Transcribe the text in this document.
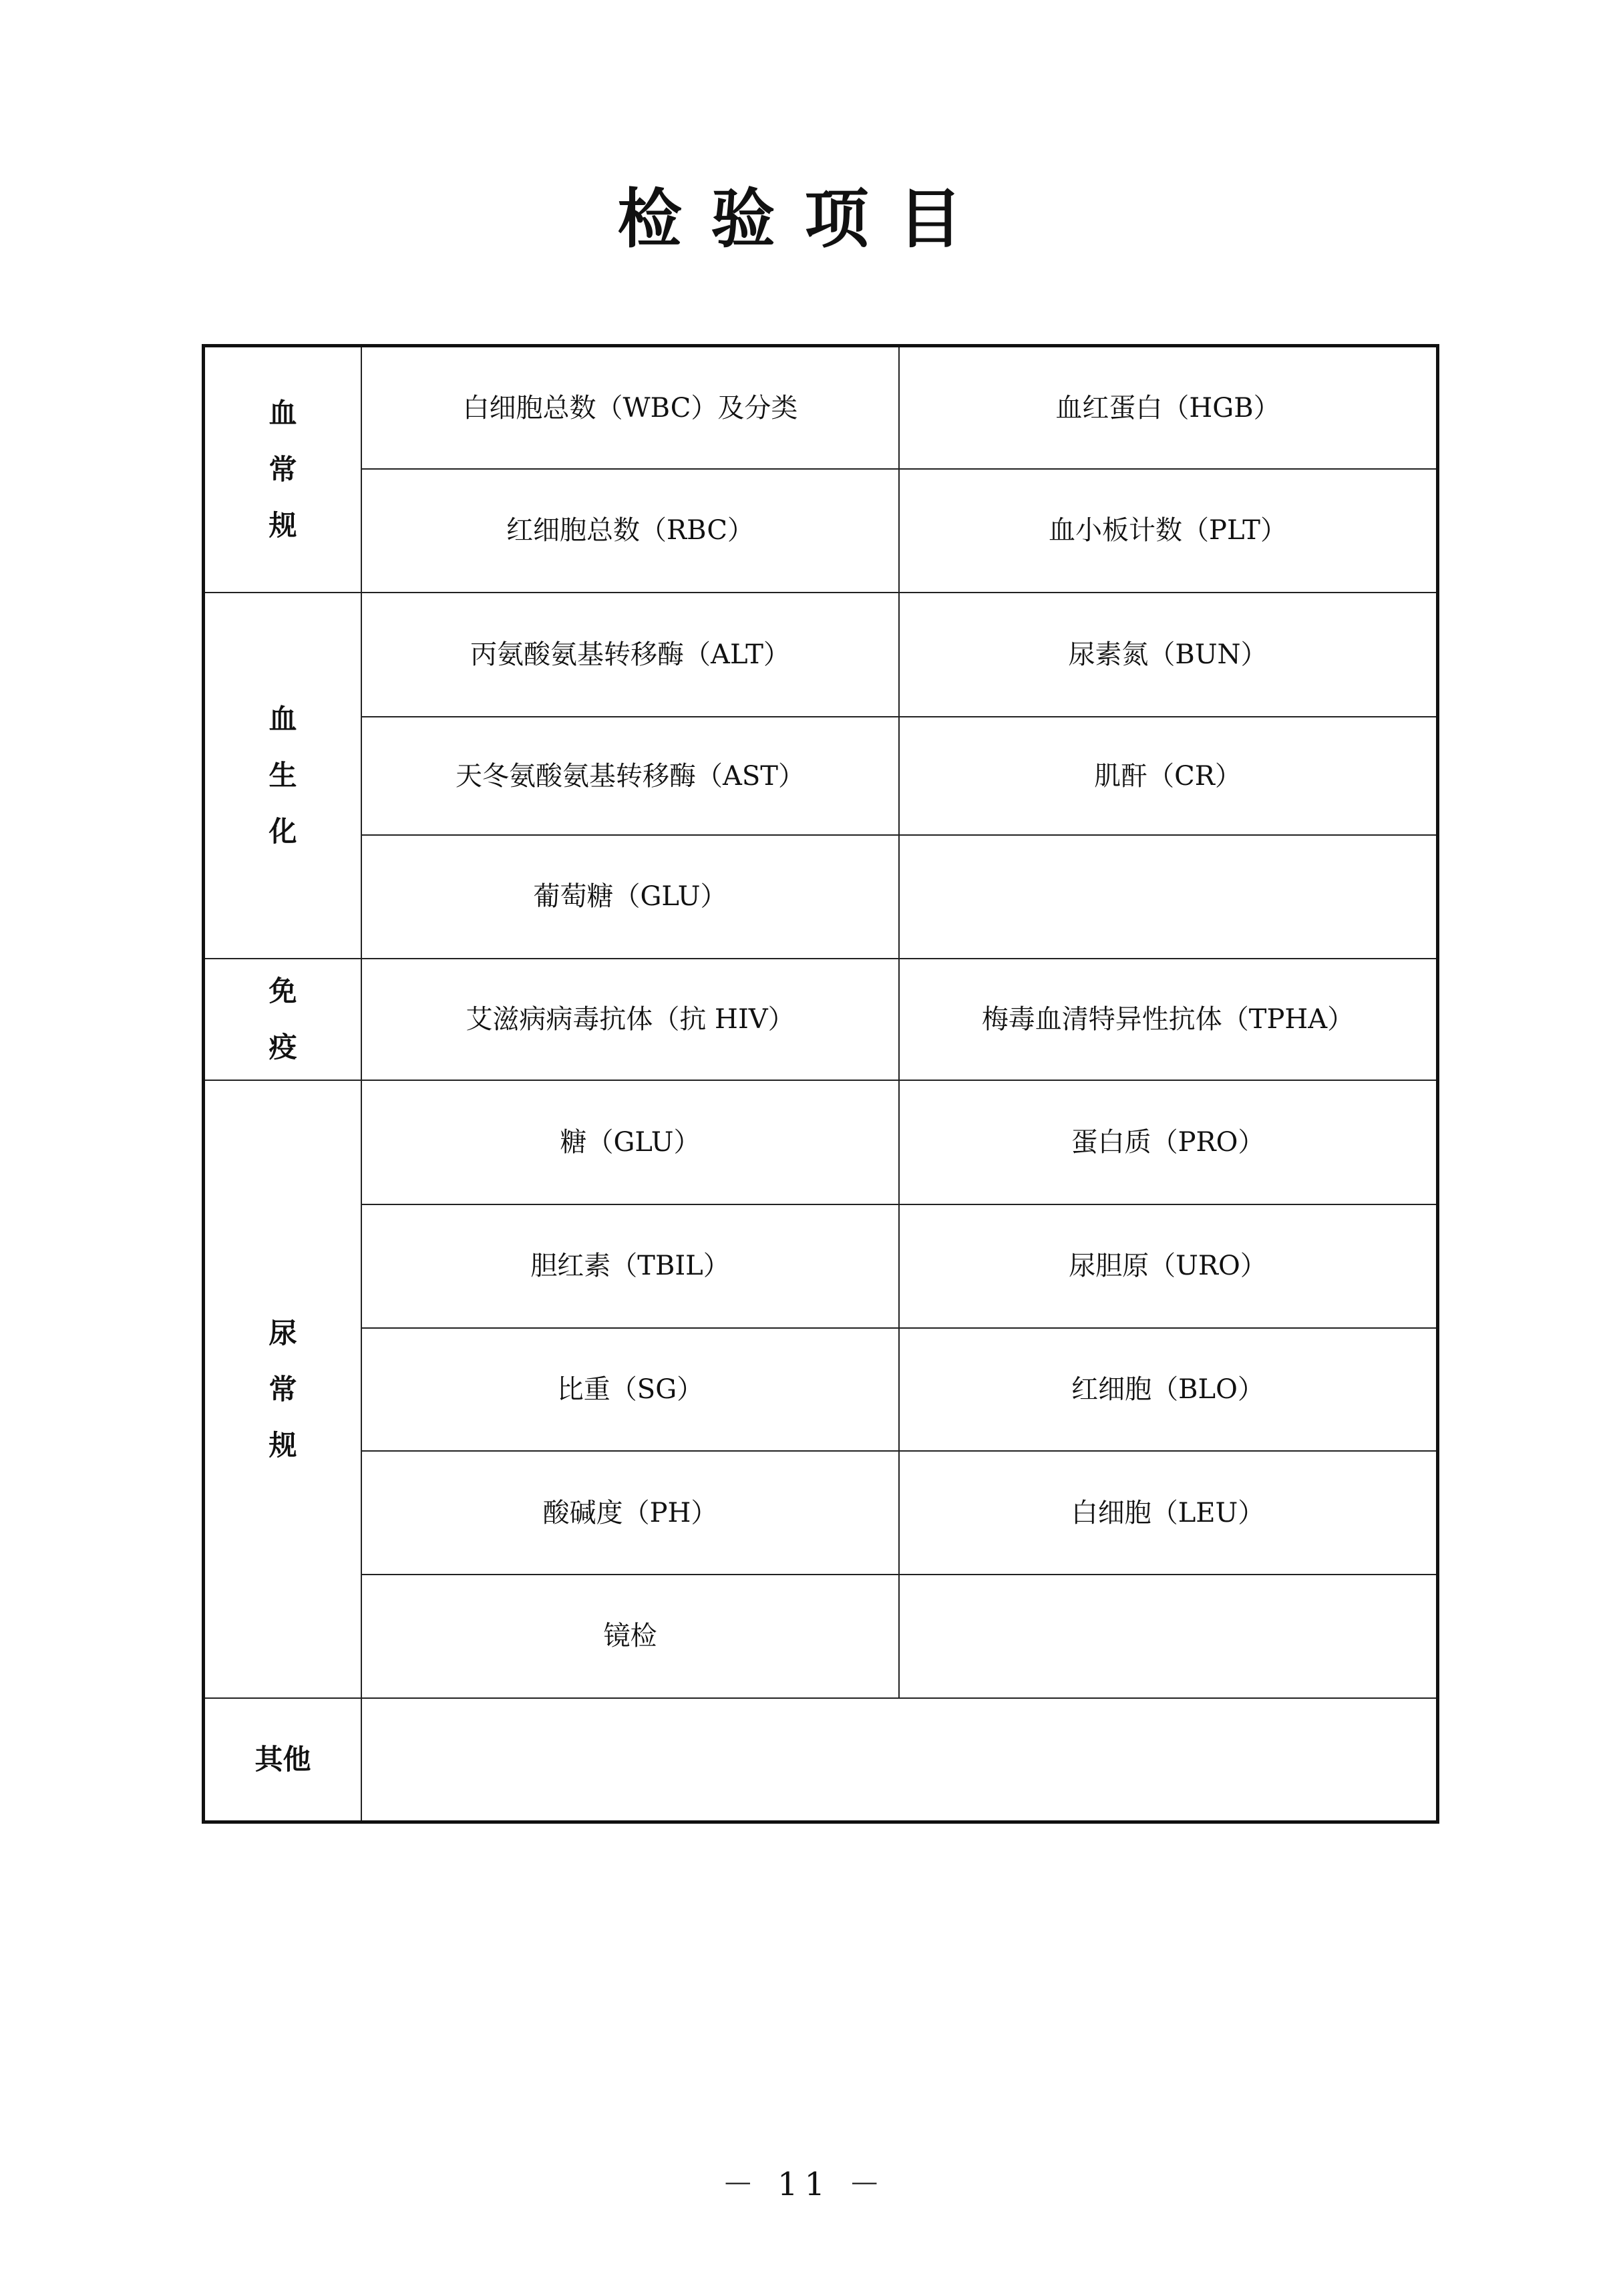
检验项目
血常规	白细胞总数（WBC）及分类	血红蛋白（HGB）
	红细胞总数（RBC）	血小板计数（PLT）
血生化	丙氨酸氨基转移酶（ALT）	尿素氮（BUN）
	天冬氨酸氨基转移酶（AST）	肌酐（CR）
	葡萄糖（GLU）	
免疫	艾滋病病毒抗体（抗 HIV）	梅毒血清特异性抗体（TPHA）
尿常规	糖（GLU）	蛋白质（PRO）
	胆红素（TBIL）	尿胆原（URO）
	比重（SG）	红细胞（BLO）
	酸碱度（PH）	白细胞（LEU）
	镜检	
其他		
－ 11 －
